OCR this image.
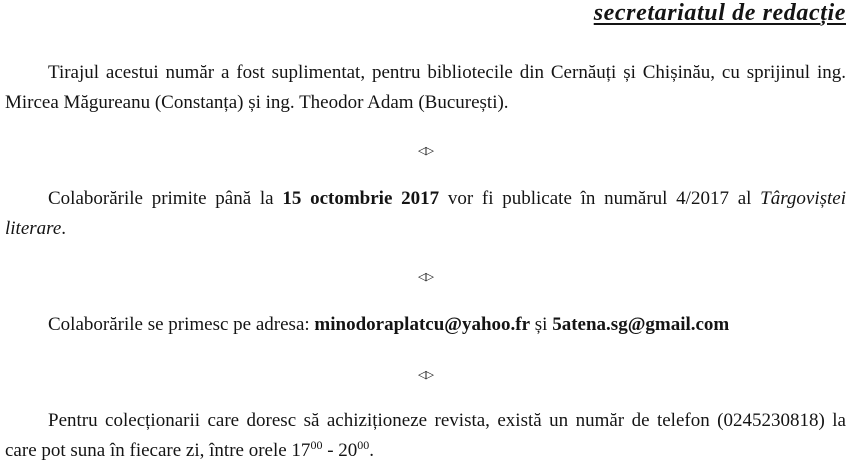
secretariatul de redacție

Tirajul acestui număr a fost suplimentat, pentru bibliotecile din Cernăuți și Chișinău, cu sprijinul ing. Mircea Măgureanu (Constanța) și ing. Theodor Adam (București).

◁▷

Colaborările primite până la 15 octombrie 2017 vor fi publicate în numărul 4/2017 al Târgoviștei literare.

◁▷

Colaborările se primesc pe adresa: minodoraplatcu@yahoo.fr și 5atena.sg@gmail.com

◁▷

Pentru colecționarii care doresc să achiziționeze revista, există un număr de telefon (0245230818) la care pot suna în fiecare zi, între orele $17^{00} - 20^{00}$.
